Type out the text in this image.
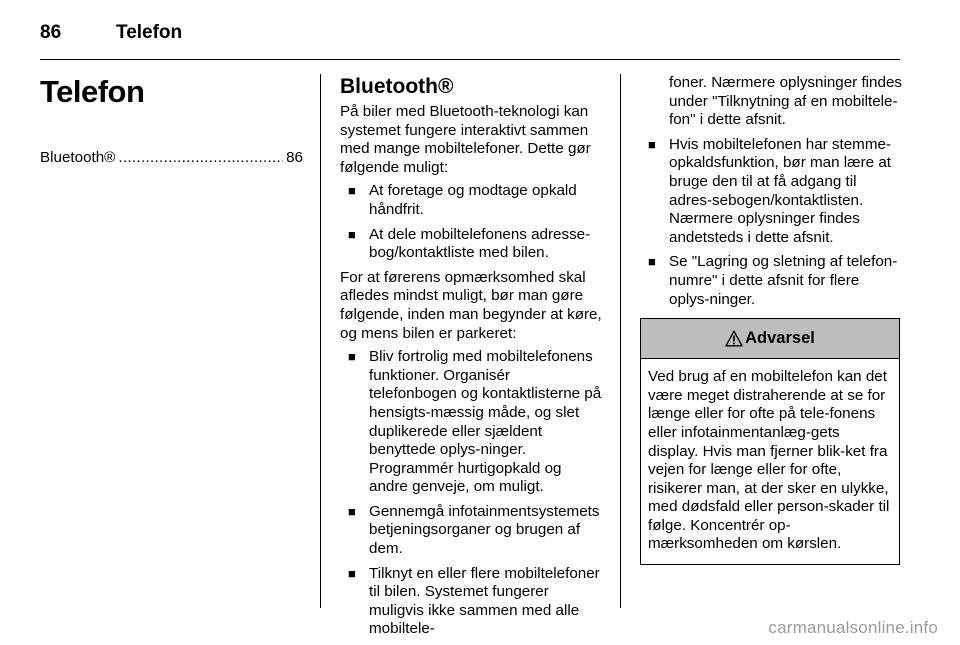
86	Telefon
Telefon
Bluetooth®
.....	86
Bluetooth®

På biler med Bluetooth-teknologi kan systemet fungere interaktivt sammen med mange mobiltelefoner. Dette gør følgende muligt:

■ At foretage og modtage opkald håndfrit.
■ At dele mobiltelefonens adresse-bog/kontaktliste med bilen.

For at førerens opmærksomhed skal afledes mindst muligt, bør man gøre følgende, inden man begynder at køre, og mens bilen er parkeret:

■ Bliv fortrolig med mobiltelefonens funktioner. Organisér telefonbogen og kontaktlisterne på hensigts-mæssig måde, og slet duplikerede eller sjældent benyttede oplys-ninger. Programmér hurtigopkald og andre genveje, om muligt.
■ Gennemgå infotainmentsystemets betjeningsorganer og brugen af dem.
■ Tilknyt en eller flere mobiltelefoner til bilen. Systemet fungerer muligvis ikke sammen med alle mobiltele-
foner. Nærmere oplysninger findes under "Tilknytning af en mobiltele-fon" i dette afsnit.
■ Hvis mobiltelefonen har stemme-opkaldsfunktion, bør man lære at bruge den til at få adgang til adres-sebogen/kontaktlisten. Nærmere oplysninger findes andetsteds i dette afsnit.
■ Se "Lagring og sletning af telefon-numre" i dette afsnit for flere oplys-ninger.
Advarsel

Ved brug af en mobiltelefon kan det være meget distraherende at se for længe eller for ofte på tele-fonens eller infotainmentanlæg-gets display. Hvis man fjerner blik-ket fra vejen for længe eller for ofte, risikerer man, at der sker en ulykke, med dødsfald eller person-skader til følge. Koncentrér op-mærksomheden om kørslen.

carmanualsonline.info
